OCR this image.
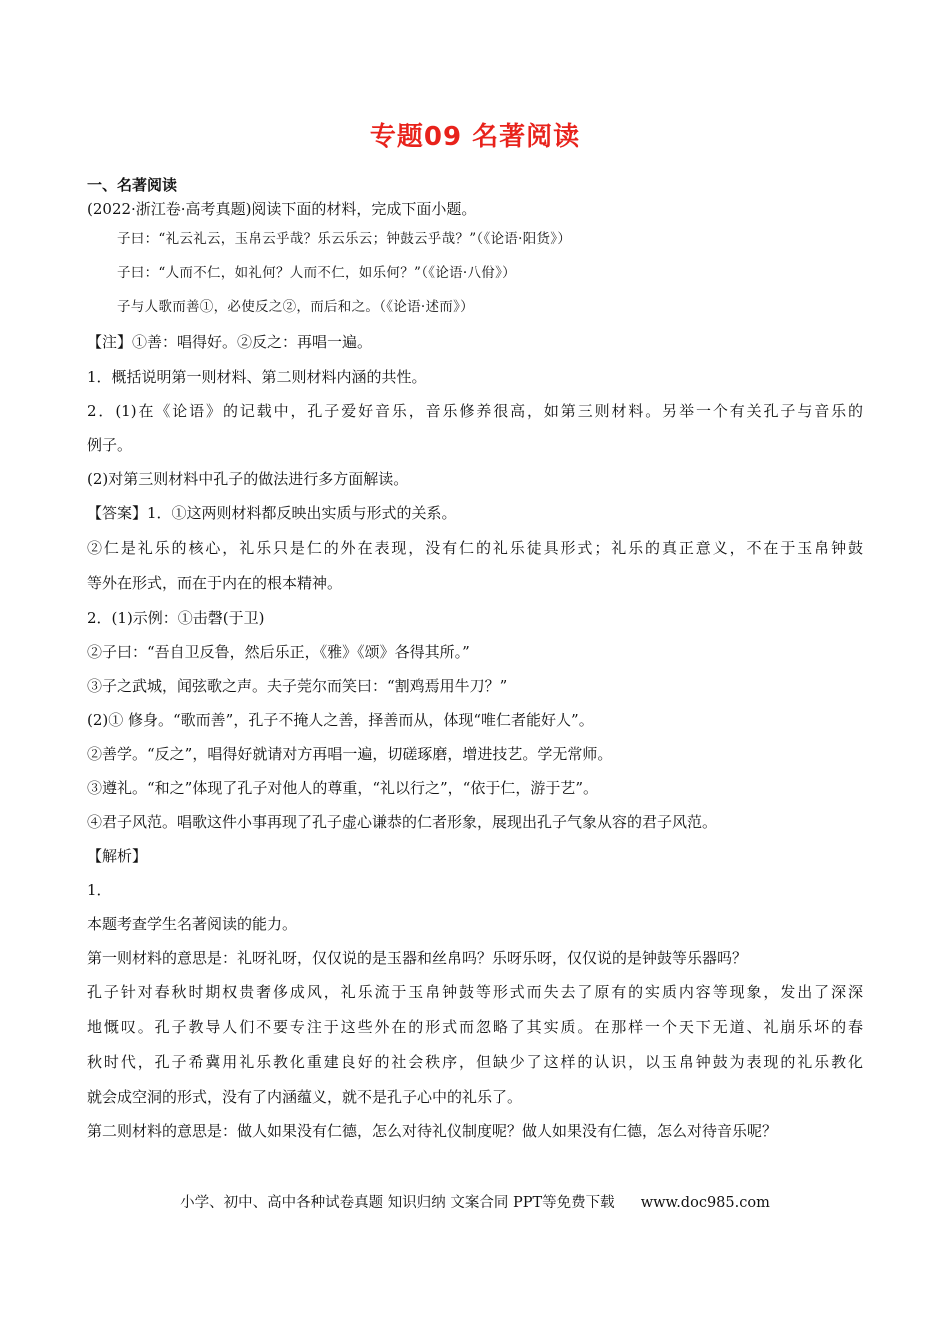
专题09 名著阅读
一、名著阅读
(2022·浙江卷·高考真题)阅读下面的材料，完成下面小题。
子曰：“礼云礼云，玉帛云乎哉？乐云乐云；钟鼓云乎哉？”（《论语·阳货》）
子曰：“人而不仁，如礼何？人而不仁，如乐何？”（《论语·八佾》）
子与人歌而善①，必使反之②，而后和之。（《论语·述而》）
【注】①善：唱得好。②反之：再唱一遍。
1．概括说明第一则材料、第二则材料内涵的共性。
2．(1)在《论语》的记载中，孔子爱好音乐，音乐修养很高，如第三则材料。另举一个有关孔子与音乐的
例子。
(2)对第三则材料中孔子的做法进行多方面解读。
【答案】1．①这两则材料都反映出实质与形式的关系。
②仁是礼乐的核心，礼乐只是仁的外在表现，没有仁的礼乐徒具形式；礼乐的真正意义，不在于玉帛钟鼓
等外在形式，而在于内在的根本精神。
2．(1)示例：①击磬(于卫)
②子曰：“吾自卫反鲁，然后乐正，《雅》《颂》各得其所。”
③子之武城，闻弦歌之声。夫子莞尔而笑曰：“割鸡焉用牛刀？”
(2)① 修身。“歌而善”，孔子不掩人之善，择善而从，体现“唯仁者能好人”。
②善学。“反之”，唱得好就请对方再唱一遍，切磋琢磨，增进技艺。学无常师。
③遵礼。“和之”体现了孔子对他人的尊重，“礼以行之”，“依于仁，游于艺”。
④君子风范。唱歌这件小事再现了孔子虚心谦恭的仁者形象，展现出孔子气象从容的君子风范。
【解析】
1．
本题考查学生名著阅读的能力。
第一则材料的意思是：礼呀礼呀，仅仅说的是玉器和丝帛吗？乐呀乐呀，仅仅说的是钟鼓等乐器吗？
孔子针对春秋时期权贵奢侈成风，礼乐流于玉帛钟鼓等形式而失去了原有的实质内容等现象，发出了深深
地慨叹。孔子教导人们不要专注于这些外在的形式而忽略了其实质。在那样一个天下无道、礼崩乐坏的春
秋时代，孔子希冀用礼乐教化重建良好的社会秩序，但缺少了这样的认识，以玉帛钟鼓为表现的礼乐教化
就会成空洞的形式，没有了内涵蕴义，就不是孔子心中的礼乐了。
第二则材料的意思是：做人如果没有仁德，怎么对待礼仪制度呢？做人如果没有仁德，怎么对待音乐呢？
小学、初中、高中各种试卷真题 知识归纳 文案合同 PPT等免费下载 www.doc985.com
